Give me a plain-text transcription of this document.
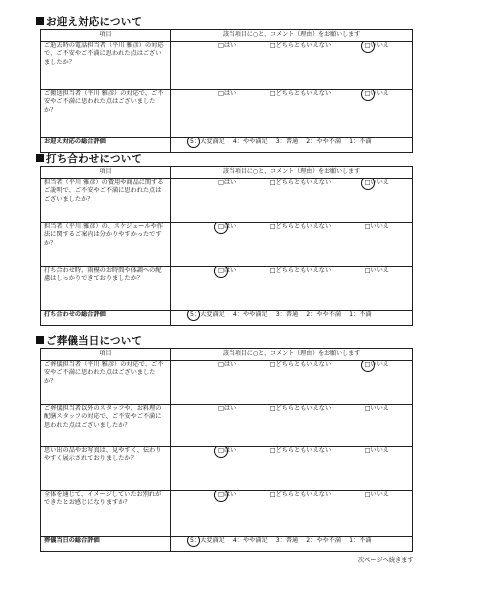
お迎え対応について
項目	該当項目に○と、コメント（理由）をお願いします
ご逝去時の電話担当者（平川 雅彦）の対応で、ご不安やご不満に思われた点はございましたか？	□はい □どちらともいえない □いいえ

ご搬送担当者（平川 雅彦）の対応で、ご不安やご不満に思われた点はございましたか？	□はい □どちらともいえない □いいえ

お迎え対応の総合評価	5：大変満足 4：やや満足 3：普通 2：やや不満 1：不満
打ち合わせについて
項目	該当項目に○と、コメント（理由）をお願いします
担当者（平川 雅彦）の費用や商品に関するご説明で、ご不安やご不満に思われた点はございましたか？	□はい □どちらともいえない □いいえ

担当者（平川 雅彦）の、スケジュールや作法に関するご案内は分かりやすかったですか？	□はい □どちらともいえない □いいえ

打ち合わせ時、雨模のお時間や体調への配慮はしっかりできておりましたか？	□はい □どちらともいえない □いいえ

打ち合わせの総合評価	5：大変満足 4：やや満足 3：普通 2：やや不満 1：不満
ご葬儀当日について
項目	該当項目に○と、コメント（理由）をお願いします
ご葬儀担当者（平川 雅彦）の対応で、ご不安やご不満に思われた点はございましたか？	□はい □どちらともいえない □いいえ

ご葬儀担当者以外のスタッフや、お料理の配膳スタッフの対応で、ご不安やご不満に思われた点はございましたか？	□はい □どちらともいえない □いいえ

思い出の品やお写真は、見やすく、伝わりやすく展示されておりましたか？	□はい □どちらともいえない □いいえ

全体を通じて、イメージしていたお別れができたとお感じになりますか？	□はい □どちらともいえない □いいえ

葬儀当日の総合評価	5：大変満足 4：やや満足 3：普通 2：やや不満 1：不満
次ページへ続きます
